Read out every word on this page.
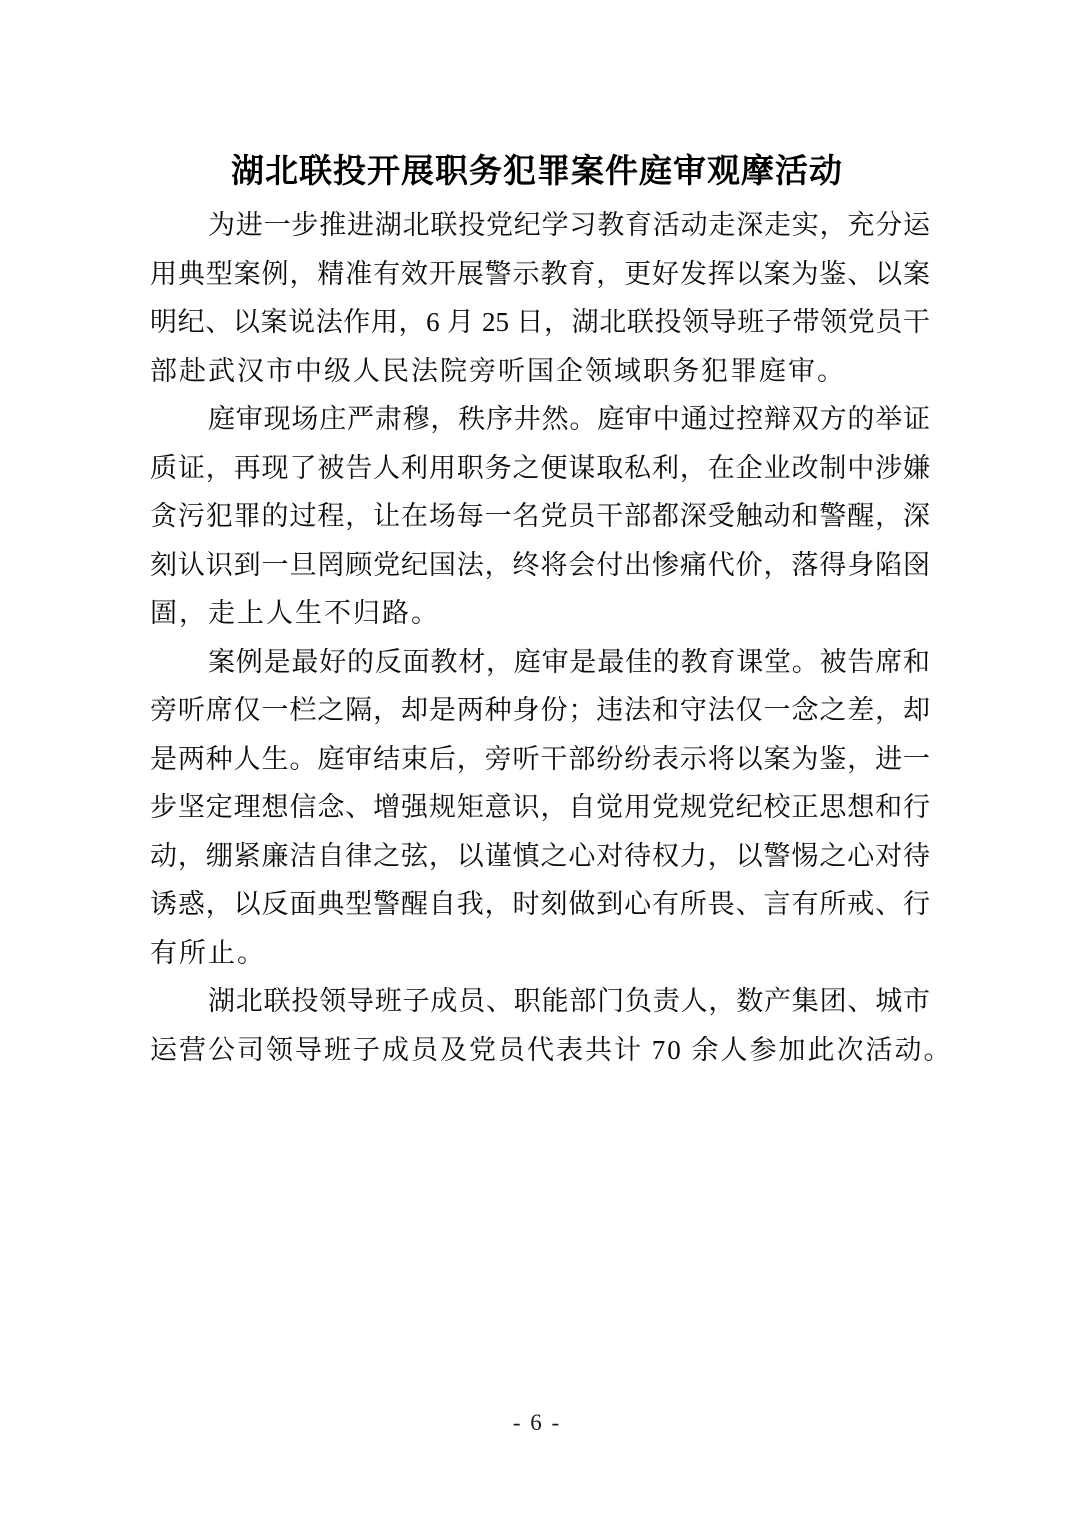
湖北联投开展职务犯罪案件庭审观摩活动
为进一步推进湖北联投党纪学习教育活动走深走实，充分运
用典型案例，精准有效开展警示教育，更好发挥以案为鉴、以案
明纪、以案说法作用，6 月 25 日，湖北联投领导班子带领党员干
部赴武汉市中级人民法院旁听国企领域职务犯罪庭审。
庭审现场庄严肃穆，秩序井然。庭审中通过控辩双方的举证
质证，再现了被告人利用职务之便谋取私利，在企业改制中涉嫌
贪污犯罪的过程，让在场每一名党员干部都深受触动和警醒，深
刻认识到一旦罔顾党纪国法，终将会付出惨痛代价，落得身陷囹
圄，走上人生不归路。
案例是最好的反面教材，庭审是最佳的教育课堂。被告席和
旁听席仅一栏之隔，却是两种身份；违法和守法仅一念之差，却
是两种人生。庭审结束后，旁听干部纷纷表示将以案为鉴，进一
步坚定理想信念、增强规矩意识，自觉用党规党纪校正思想和行
动，绷紧廉洁自律之弦，以谨慎之心对待权力，以警惕之心对待
诱惑，以反面典型警醒自我，时刻做到心有所畏、言有所戒、行
有所止。
湖北联投领导班子成员、职能部门负责人，数产集团、城市
运营公司领导班子成员及党员代表共计 70 余人参加此次活动。
- 6 -
